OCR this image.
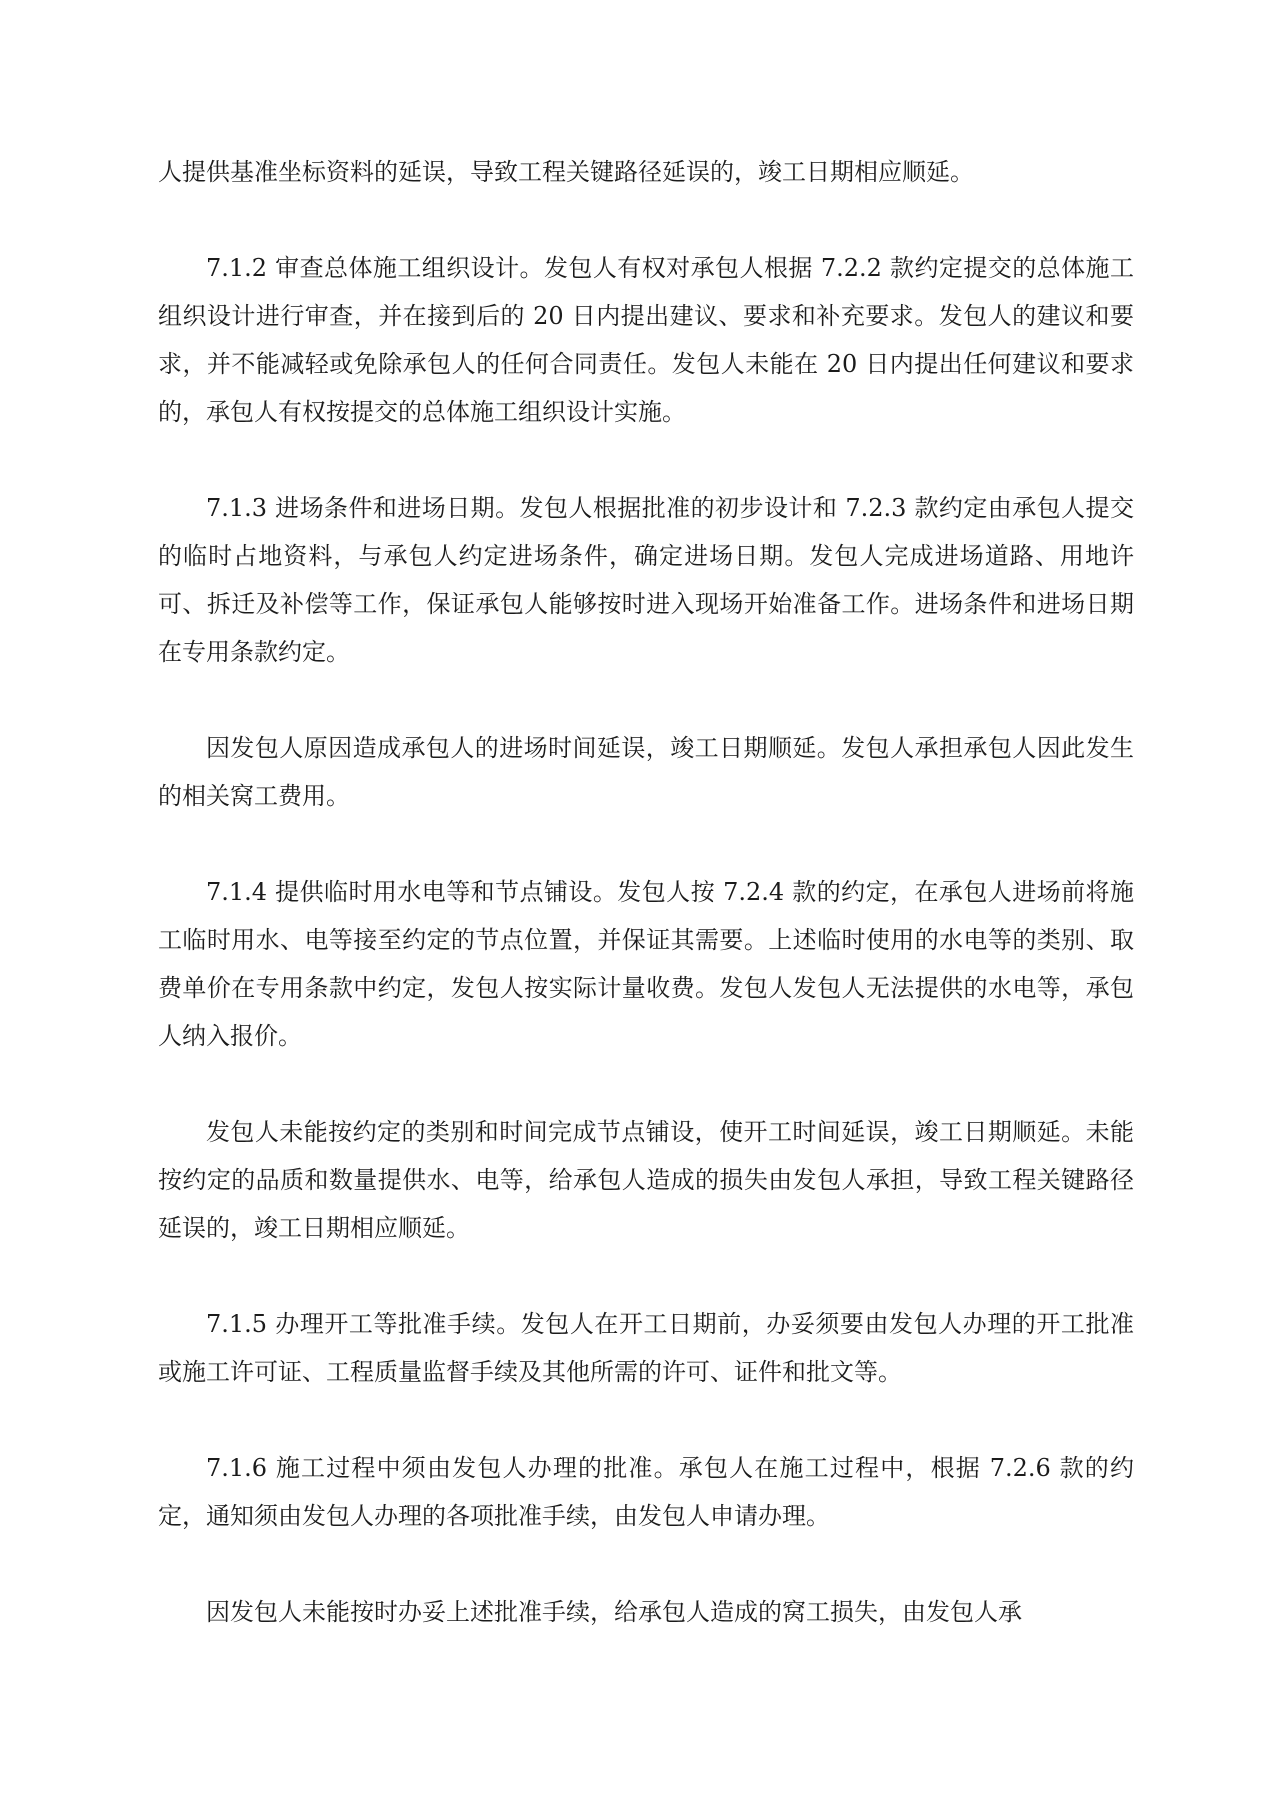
人提供基准坐标资料的延误，导致工程关键路径延误的，竣工日期相应顺延。

7.1.2 审查总体施工组织设计。发包人有权对承包人根据 7.2.2 款约定提交的总体施工组织设计进行审查，并在接到后的 20 日内提出建议、要求和补充要求。发包人的建议和要求，并不能减轻或免除承包人的任何合同责任。发包人未能在 20 日内提出任何建议和要求的，承包人有权按提交的总体施工组织设计实施。

7.1.3 进场条件和进场日期。发包人根据批准的初步设计和 7.2.3 款约定由承包人提交的临时占地资料，与承包人约定进场条件，确定进场日期。发包人完成进场道路、用地许可、拆迁及补偿等工作，保证承包人能够按时进入现场开始准备工作。进场条件和进场日期在专用条款约定。

因发包人原因造成承包人的进场时间延误，竣工日期顺延。发包人承担承包人因此发生的相关窝工费用。

7.1.4 提供临时用水电等和节点铺设。发包人按 7.2.4 款的约定，在承包人进场前将施工临时用水、电等接至约定的节点位置，并保证其需要。上述临时使用的水电等的类别、取费单价在专用条款中约定，发包人按实际计量收费。发包人发包人无法提供的水电等，承包人纳入报价。

发包人未能按约定的类别和时间完成节点铺设，使开工时间延误，竣工日期顺延。未能按约定的品质和数量提供水、电等，给承包人造成的损失由发包人承担，导致工程关键路径延误的，竣工日期相应顺延。

7.1.5 办理开工等批准手续。发包人在开工日期前，办妥须要由发包人办理的开工批准或施工许可证、工程质量监督手续及其他所需的许可、证件和批文等。

7.1.6 施工过程中须由发包人办理的批准。承包人在施工过程中，根据 7.2.6 款的约定，通知须由发包人办理的各项批准手续，由发包人申请办理。

因发包人未能按时办妥上述批准手续，给承包人造成的窝工损失，由发包人承
